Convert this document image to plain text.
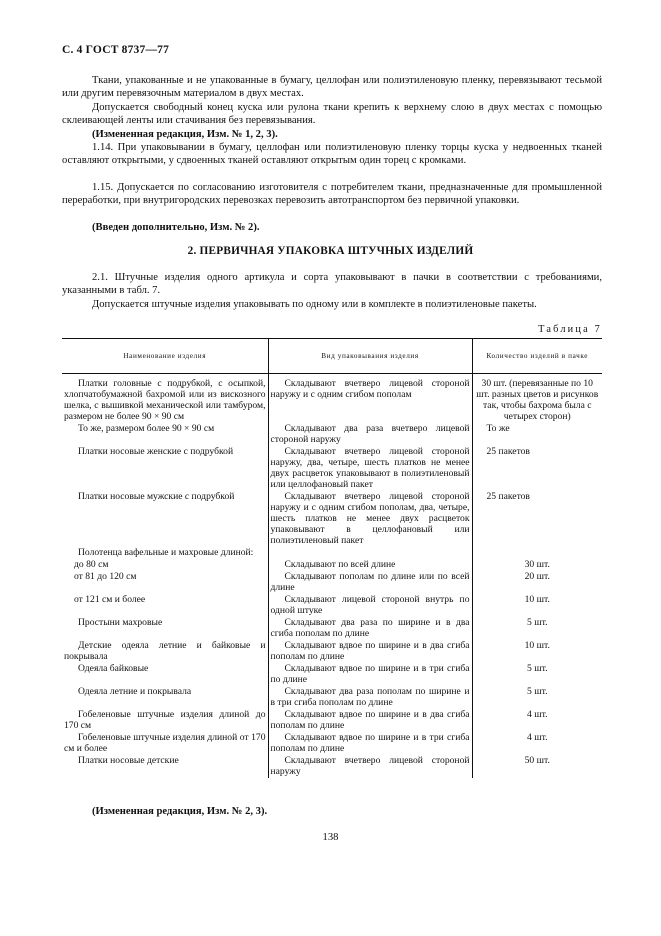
С. 4 ГОСТ 8737—77
Ткани, упакованные и не упакованные в бумагу, целлофан или полиэтиленовую пленку, перевязывают тесьмой или другим перевязочным материалом в двух местах.
Допускается свободный конец куска или рулона ткани крепить к верхнему слою в двух местах с помощью склеивающей ленты или стачивания без перевязывания.
(Измененная редакция, Изм. № 1, 2, 3).
1.14. При упаковывании в бумагу, целлофан или полиэтиленовую пленку торцы куска у недвоенных тканей оставляют открытыми, у сдвоенных тканей оставляют открытым один торец с кромками.
1.15. Допускается по согласованию изготовителя с потребителем ткани, предназначенные для промышленной переработки, при внутригородских перевозках перевозить автотранспортом без первичной упаковки.
(Введен дополнительно, Изм. № 2).
2. ПЕРВИЧНАЯ УПАКОВКА ШТУЧНЫХ ИЗДЕЛИЙ
2.1. Штучные изделия одного артикула и сорта упаковывают в пачки в соответствии с требованиями, указанными в табл. 7.
Допускается штучные изделия упаковывать по одному или в комплекте в полиэтиленовые пакеты.
Таблица 7
Наименование изделия	Вид упаковывания изделия	Количество изделий в пачке
Платки головные с подрубкой, с осыпкой, хлопчатобумажной бахромой или из вискозного шелка, с вышивкой механической или тамбуром, размером не более 90 × 90 см	Складывают вчетверо лицевой стороной наружу и с одним сгибом пополам	30 шт. (перевязанные по 10 шт. разных цветов и рисунков так, чтобы бахрома была с четырех сторон)
То же, размером более 90 × 90 см	Складывают два раза вчетверо лицевой стороной наружу	То же
Платки носовые женские с подрубкой	Складывают вчетверо лицевой стороной наружу, два, четыре, шесть платков не менее двух расцветок упаковывают в полиэтиленовый или целлофановый пакет	25 пакетов
Платки носовые мужские с подрубкой	Складывают вчетверо лицевой стороной наружу и с одним сгибом пополам, два, четыре, шесть платков не менее двух расцветок упаковывают в целлофановый или полиэтиленовый пакет	25 пакетов
Полотенца вафельные и махровые длиной:		
до 80 см	Складывают по всей длине	30 шт.
от 81 до 120 см	Складывают пополам по длине или по всей длине	20 шт.
от 121 см и более	Складывают лицевой стороной внутрь по одной штуке	10 шт.
Простыни махровые	Складывают два раза по ширине и в два сгиба пополам по длине	5 шт.
Детские одеяла летние и байковые и покрывала	Складывают вдвое по ширине и в два сгиба пополам по длине	10 шт.
Одеяла байковые	Складывают вдвое по ширине и в три сгиба по длине	5 шт.
Одеяла летние и покрывала	Складывают два раза пополам по ширине и в три сгиба пополам по длине	5 шт.
Гобеленовые штучные изделия длиной до 170 см	Складывают вдвое по ширине и в два сгиба пополам по длине	4 шт.
Гобеленовые штучные изделия длиной от 170 см и более	Складывают вдвое по ширине и в три сгиба пополам по длине	4 шт.
Платки носовые детские	Складывают вчетверо лицевой стороной наружу	50 шт.
(Измененная редакция, Изм. № 2, 3).
138
